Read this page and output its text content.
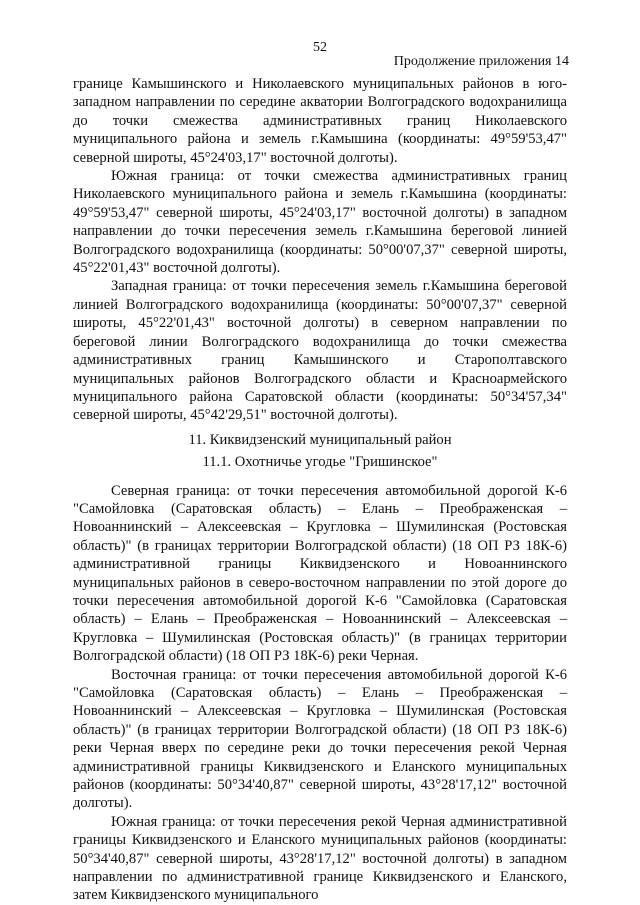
52
Продолжение приложения 14

границе Камышинского и Николаевского муниципальных районов в юго-западном направлении по середине акватории Волгоградского водохранилища до точки смежества административных границ Николаевского муниципального района и земель г.Камышина (координаты: 49°59'53,47" северной широты, 45°24'03,17" восточной долготы).

Южная граница: от точки смежества административных границ Николаевского муниципального района и земель г.Камышина (координаты: 49°59'53,47" северной широты, 45°24'03,17" восточной долготы) в западном направлении до точки пересечения земель г.Камышина береговой линией Волгоградского водохранилища (координаты: 50°00'07,37" северной широты, 45°22'01,43" восточной долготы).

Западная граница: от точки пересечения земель г.Камышина береговой линией Волгоградского водохранилища (координаты: 50°00'07,37" северной широты, 45°22'01,43" восточной долготы) в северном направлении по береговой линии Волгоградского водохранилища до точки смежества административных границ Камышинского и Старополтавского муниципальных районов Волгоградского области и Красноармейского муниципального района Саратовской области (координаты: 50°34'57,34" северной широты, 45°42'29,51" восточной долготы).

11. Киквидзенский муниципальный район
11.1. Охотничье угодье "Гришинское"

Северная граница: от точки пересечения автомобильной дорогой К-6 "Самойловка (Саратовская область) – Елань – Преображенская – Новоаннинский – Алексеевская – Кругловка – Шумилинская (Ростовская область)" (в границах территории Волгоградской области) (18 ОП РЗ 18К-6) административной границы Киквидзенского и Новоаннинского муниципальных районов в северо-восточном направлении по этой дороге до точки пересечения автомобильной дорогой К-6 "Самойловка (Саратовская область) – Елань – Преображенская – Новоаннинский – Алексеевская – Кругловка – Шумилинская (Ростовская область)" (в границах территории Волгоградской области) (18 ОП РЗ 18К-6) реки Черная.

Восточная граница: от точки пересечения автомобильной дорогой К-6 "Самойловка (Саратовская область) – Елань – Преображенская – Новоаннинский – Алексеевская – Кругловка – Шумилинская (Ростовская область)" (в границах территории Волгоградской области) (18 ОП РЗ 18К-6) реки Черная вверх по середине реки до точки пересечения рекой Черная административной границы Киквидзенского и Еланского муниципальных районов (координаты: 50°34'40,87" северной широты, 43°28'17,12" восточной долготы).

Южная граница: от точки пересечения рекой Черная административной границы Киквидзенского и Еланского муниципальных районов (координаты: 50°34'40,87" северной широты, 43°28'17,12" восточной долготы) в западном направлении по административной границе Киквидзенского и Еланского, затем Киквидзенского муниципального
